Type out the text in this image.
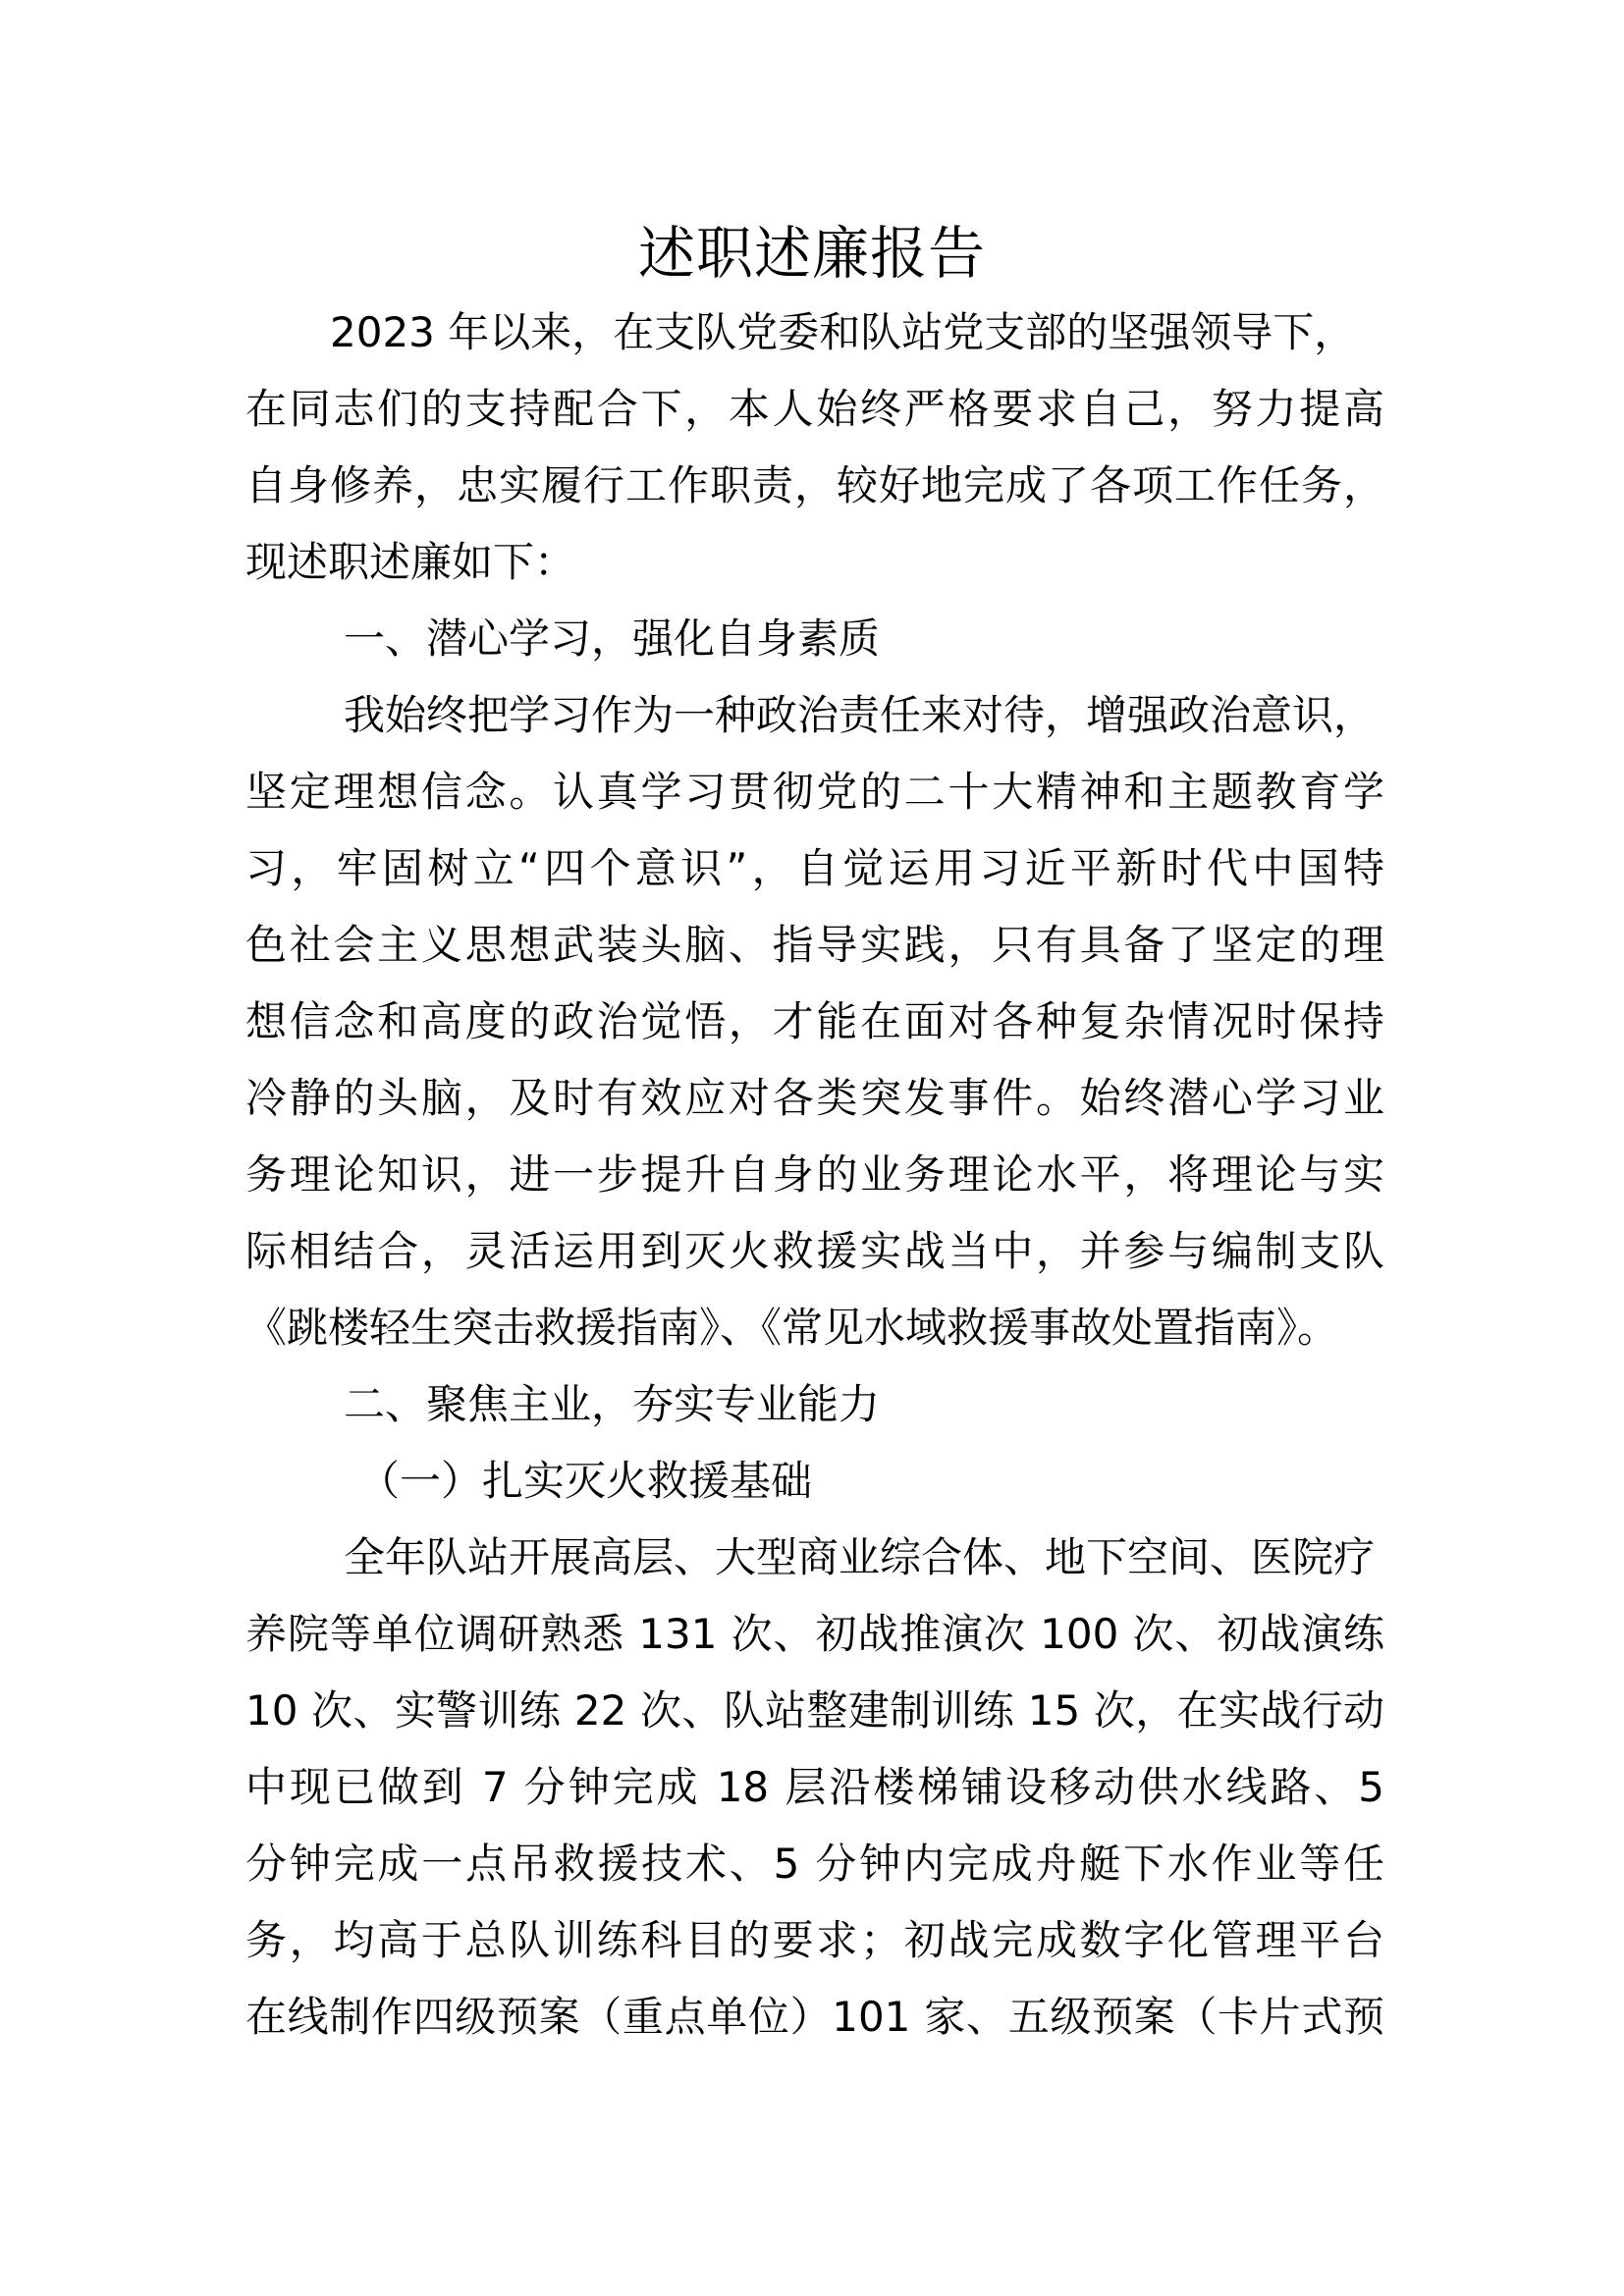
述职述廉报告
2023 年以来，在支队党委和队站党支部的坚强领导下，
在同志们的支持配合下，本人始终严格要求自己，努力提高
自身修养，忠实履行工作职责，较好地完成了各项工作任务，
现述职述廉如下：
一、潜心学习，强化自身素质
我始终把学习作为一种政治责任来对待，增强政治意识，
坚定理想信念。认真学习贯彻党的二十大精神和主题教育学
习，牢固树立“四个意识”，自觉运用习近平新时代中国特
色社会主义思想武装头脑、指导实践，只有具备了坚定的理
想信念和高度的政治觉悟，才能在面对各种复杂情况时保持
冷静的头脑，及时有效应对各类突发事件。始终潜心学习业
务理论知识，进一步提升自身的业务理论水平，将理论与实
际相结合，灵活运用到灭火救援实战当中，并参与编制支队
《跳楼轻生突击救援指南》、《常见水域救援事故处置指南》。
二、聚焦主业，夯实专业能力
（一）扎实灭火救援基础
全年队站开展高层、大型商业综合体、地下空间、医院疗
养院等单位调研熟悉 131 次、初战推演次 100 次、初战演练
10 次、实警训练 22 次、队站整建制训练 15 次，在实战行动
中现已做到 7 分钟完成 18 层沿楼梯铺设移动供水线路、5
分钟完成一点吊救援技术、5 分钟内完成舟艇下水作业等任
务，均高于总队训练科目的要求；初战完成数字化管理平台
在线制作四级预案（重点单位）101 家、五级预案（卡片式预
